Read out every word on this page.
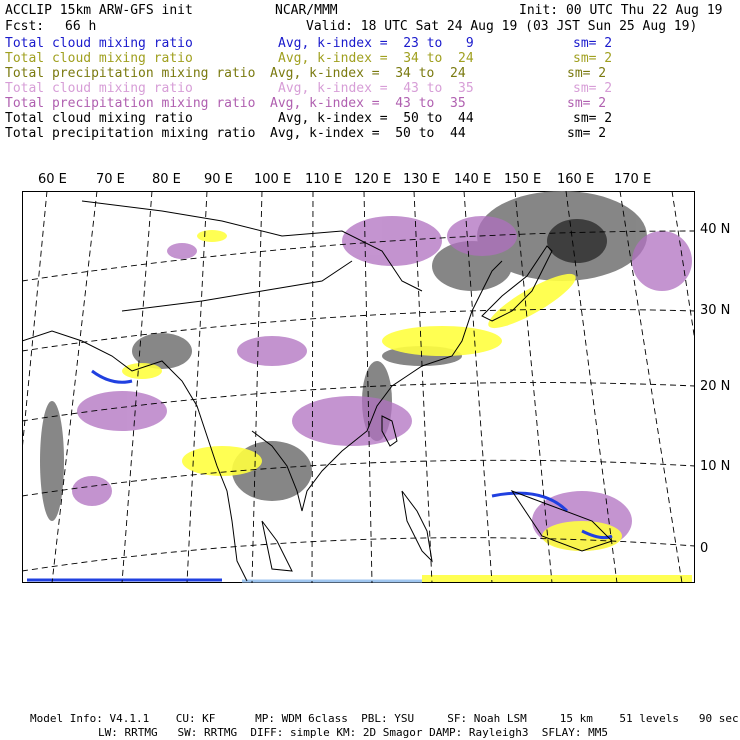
ACCLIP 15km ARW-GFS init	NCAR/MMM	Init: 00 UTC Thu 22 Aug 19
Fcst: 66 h	Valid: 18 UTC Sat 24 Aug 19 (03 JST Sun 25 Aug 19)
Total cloud mixing ratio	Avg, k-index =  23 to   9	sm= 2
Total cloud mixing ratio	Avg, k-index =  34 to  24	sm= 2
Total precipitation mixing ratio Avg, k-index =  34 to  24	sm= 2
Total cloud mixing ratio	Avg, k-index =  43 to  35	sm= 2
Total precipitation mixing ratio Avg, k-index =  43 to  35	sm= 2
Total cloud mixing ratio	Avg, k-index =  50 to  44	sm= 2
Total precipitation mixing ratio Avg, k-index =  50 to  44	sm= 2
60 E 70 E 80 E 90 E 100 E 110 E 120 E 130 E 140 E 150 E 160 E 170 E
40 N
30 N
20 N
10 N
0
Model Info: V4.1.1    CU: KF      MP: WDM 6class  PBL: YSU     SF: Noah LSM     15 km    51 levels   90 sec
LW: RRTMG   SW: RRTMG  DIFF: simple KM: 2D Smagor DAMP: Rayleigh3  SFLAY: MM5
